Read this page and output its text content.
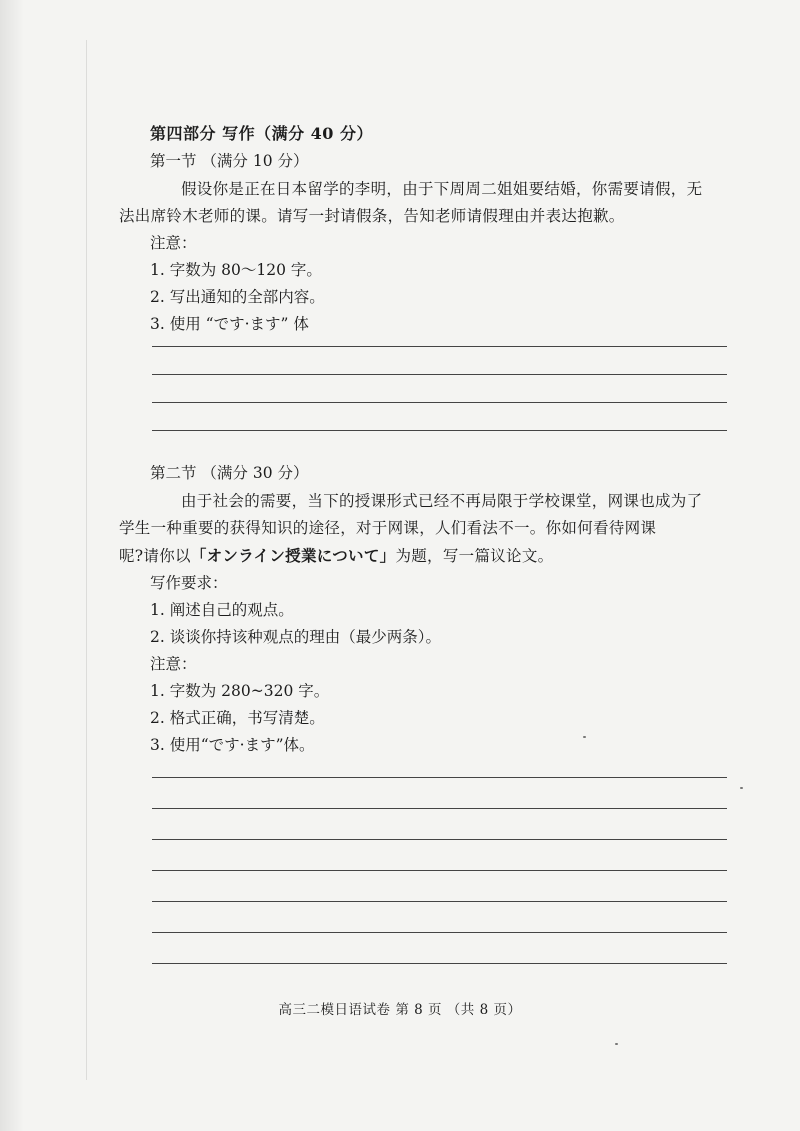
第四部分 写作（满分 40 分）
第一节 （满分 10 分）
假设你是正在日本留学的李明，由于下周周二姐姐要结婚，你需要请假，无
法出席铃木老师的课。请写一封请假条，告知老师请假理由并表达抱歉。
注意：
1. 字数为 80～120 字。
2. 写出通知的全部内容。
3. 使用 “です·ます” 体
第二节 （满分 30 分）
由于社会的需要，当下的授课形式已经不再局限于学校课堂，网课也成为了
学生一种重要的获得知识的途径，对于网课，人们看法不一。你如何看待网课
呢?请你以「オンライン授業について」为题，写一篇议论文。
写作要求：
1. 阐述自己的观点。
2. 谈谈你持该种观点的理由（最少两条）。
注意：
1. 字数为 280~320 字。
2. 格式正确，书写清楚。
3. 使用“です·ます”体。
高三二模日语试卷 第 8 页 （共 8 页）
